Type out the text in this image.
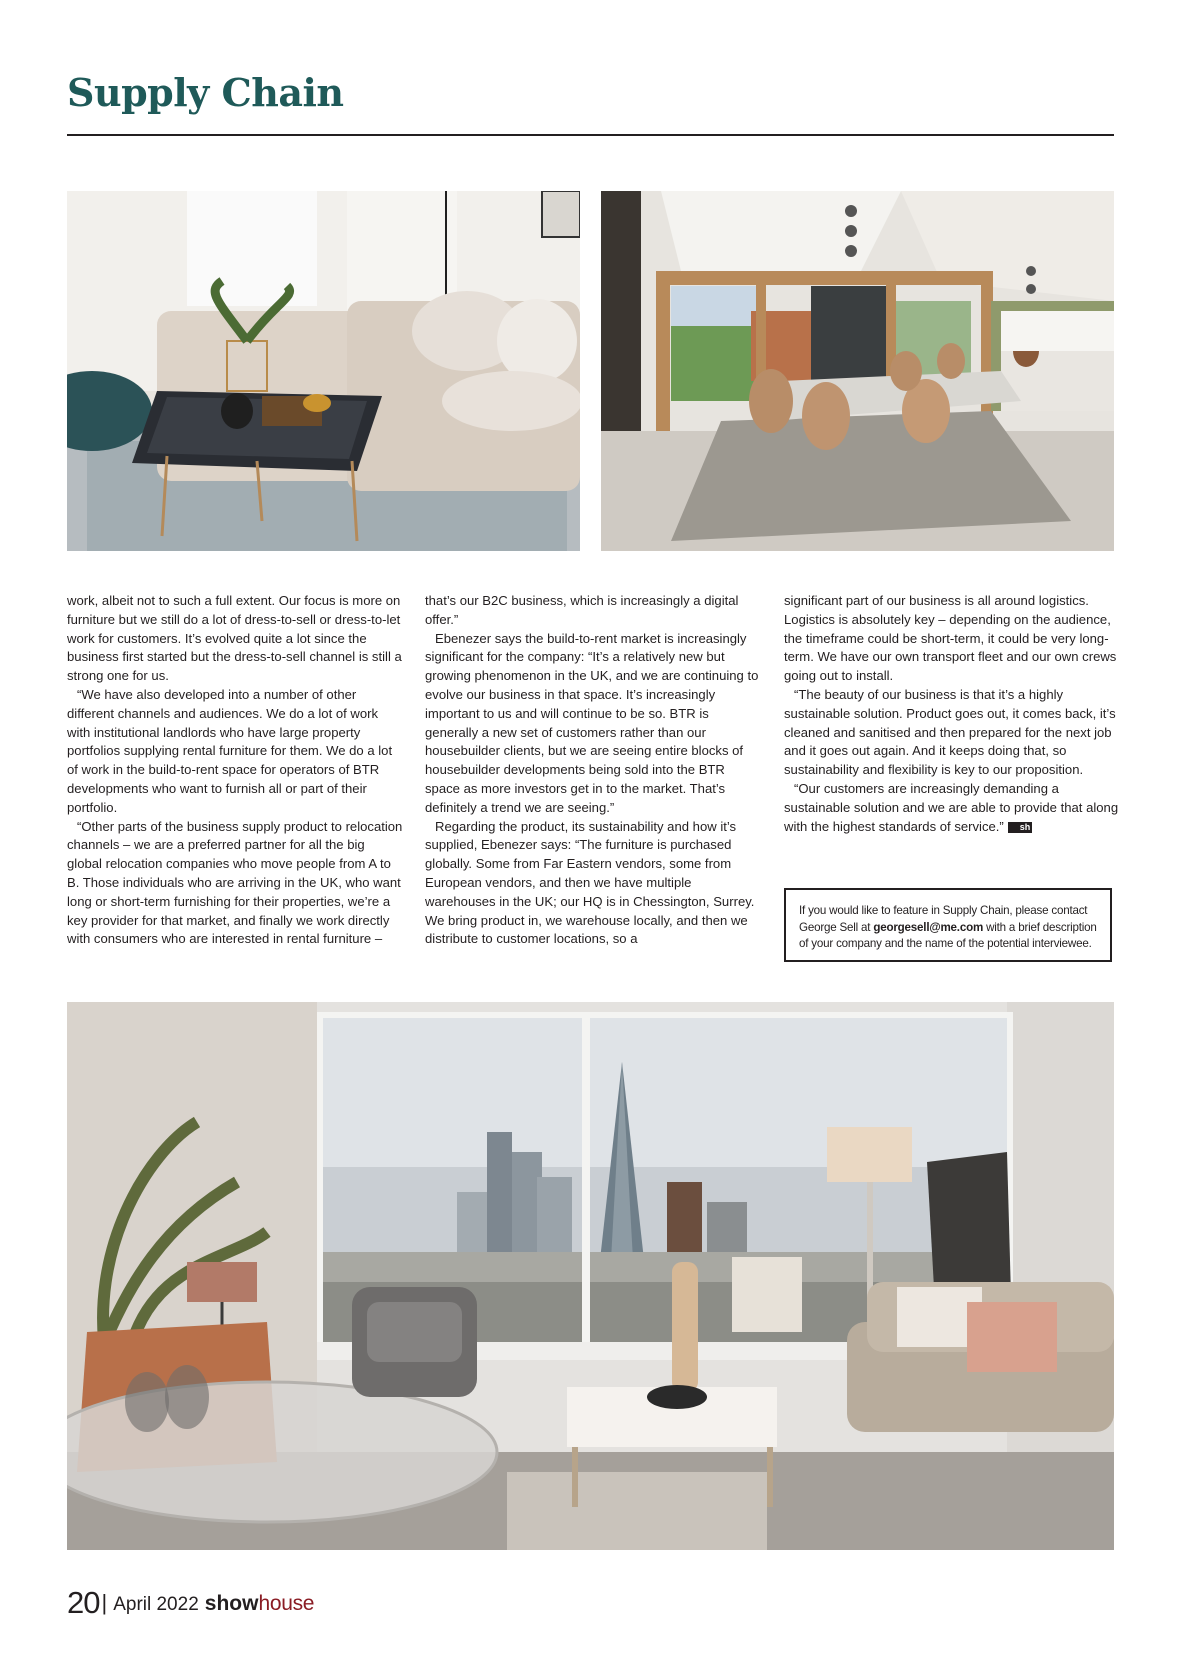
Supply Chain

work, albeit not to such a full extent. Our focus is more on furniture but we still do a lot of dress-to-sell or dress-to-let work for customers. It’s evolved quite a lot since the business first started but the dress-to-sell channel is still a strong one for us.

“We have also developed into a number of other different channels and audiences. We do a lot of work with institutional landlords who have large property portfolios supplying rental furniture for them. We do a lot of work in the build-to-rent space for operators of BTR developments who want to furnish all or part of their portfolio.

“Other parts of the business supply product to relocation channels – we are a preferred partner for all the big global relocation companies who move people from A to B. Those individuals who are arriving in the UK, who want long or short-term furnishing for their properties, we’re a key provider for that market, and finally we work directly with consumers who are interested in rental furniture –

that’s our B2C business, which is increasingly a digital offer.”

Ebenezer says the build-to-rent market is increasingly significant for the company: “It’s a relatively new but growing phenomenon in the UK, and we are continuing to evolve our business in that space. It’s increasingly important to us and will continue to be so. BTR is generally a new set of customers rather than our housebuilder clients, but we are seeing entire blocks of housebuilder developments being sold into the BTR space as more investors get in to the market. That’s definitely a trend we are seeing.”

Regarding the product, its sustainability and how it’s supplied, Ebenezer says: “The furniture is purchased globally. Some from Far Eastern vendors, some from European vendors, and then we have multiple warehouses in the UK; our HQ is in Chessington, Surrey. We bring product in, we warehouse locally, and then we distribute to customer locations, so a

significant part of our business is all around logistics. Logistics is absolutely key – depending on the audience, the timeframe could be short-term, it could be very long-term. We have our own transport fleet and our own crews going out to install.

“The beauty of our business is that it’s a highly sustainable solution. Product goes out, it comes back, it’s cleaned and sanitised and then prepared for the next job and it goes out again. And it keeps doing that, so sustainability and flexibility is key to our proposition.

“Our customers are increasingly demanding a sustainable solution and we are able to provide that along with the highest standards of service.” sh

If you would like to feature in Supply Chain, please contact George Sell at georgesell@me.com with a brief description of your company and the name of the potential interviewee.
20| April 2022 showhouse
